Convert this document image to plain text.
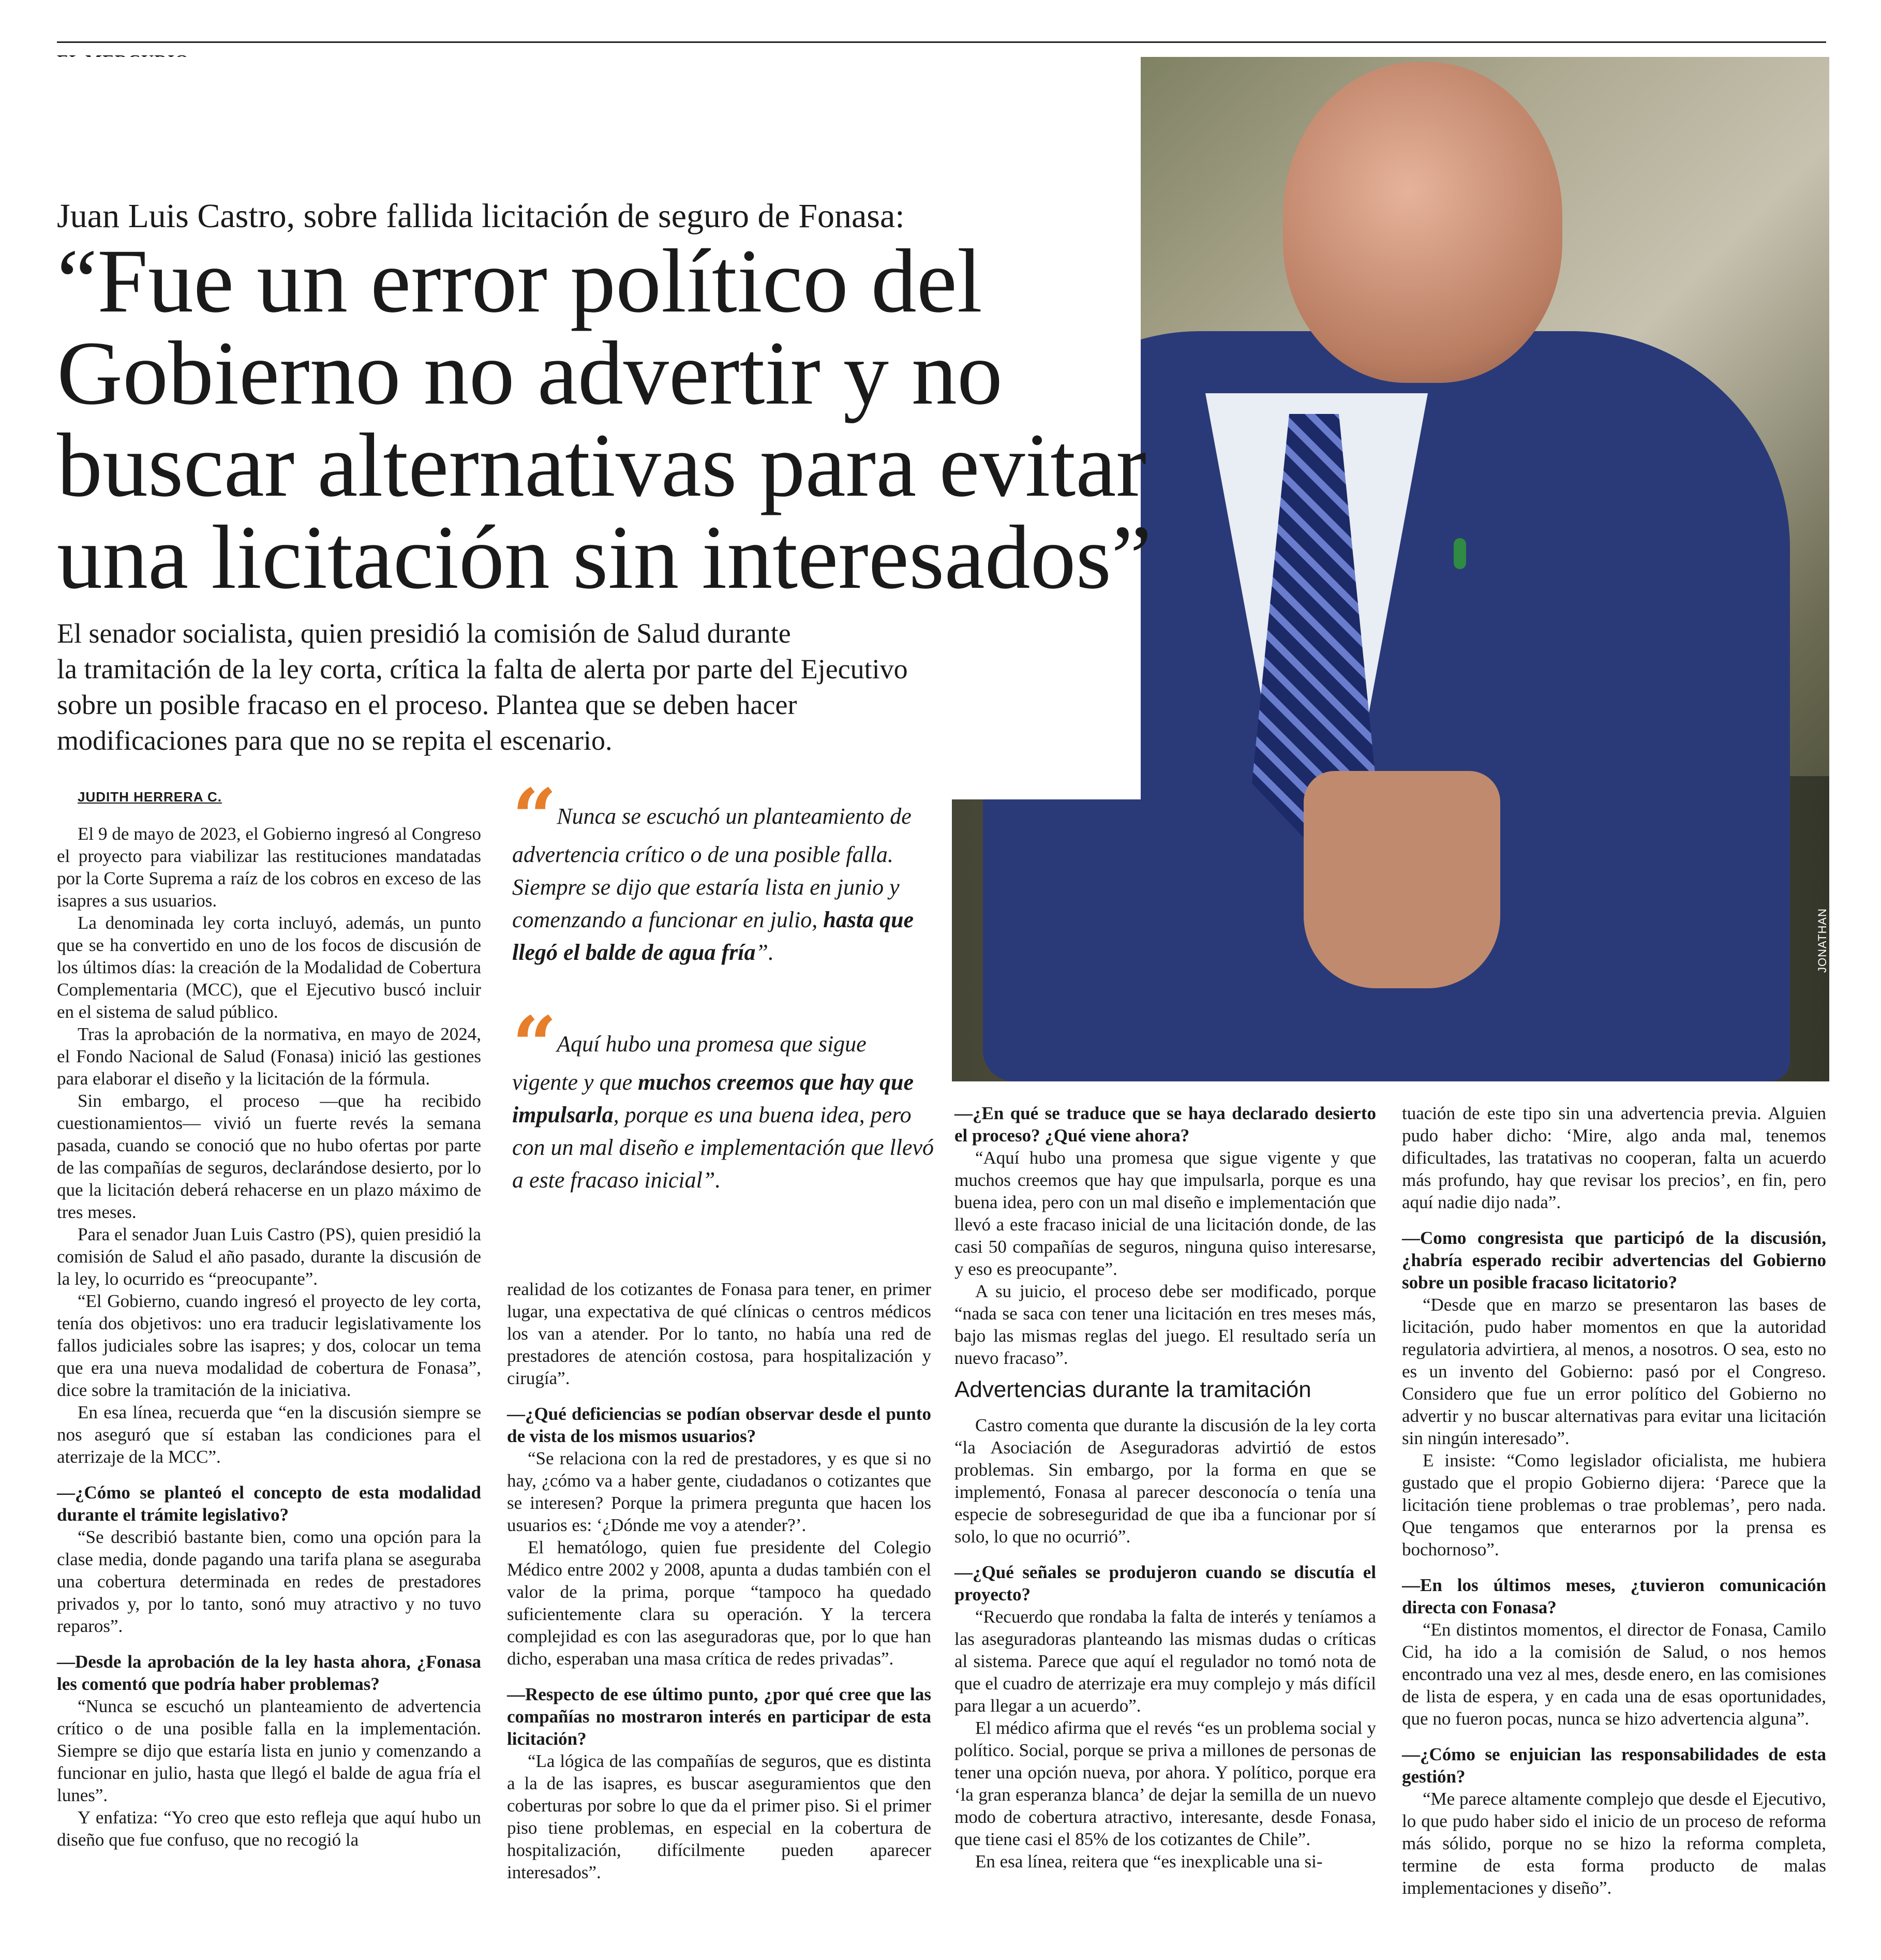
JONATHAN OYARZÚN
Juan Luis Castro, sobre fallida licitación de seguro de Fonasa:
“Fue un error político del
Gobierno no advertir y no
buscar alternativas para evitar
una licitación sin interesados”
El senador socialista, quien presidió la comisión de Salud durante
la tramitación de la ley corta, crítica la falta de alerta por parte del Ejecutivo
sobre un posible fracaso en el proceso. Plantea que se deben hacer
modificaciones para que no se repita el escenario.
JUDITH HERRERA C.	“ Nunca se escuchó un planteamiento de advertencia crítico o de una posible falla. Siempre se dijo que estaría lista en junio y comenzando a funcionar en julio, hasta que llegó el balde de agua fría”.
“ Aquí hubo una promesa que sigue vigente y que muchos creemos que hay que impulsarla, porque es una buena idea, pero con un mal diseño e implementación que llevó a este fracaso inicial”.

El 9 de mayo de 2023, el Gobierno ingresó al Congreso el proyecto para viabilizar las restituciones mandatadas por la Corte Suprema a raíz de los cobros en exceso de las isapres a sus usuarios.

La denominada ley corta incluyó, además, un punto que se ha convertido en uno de los focos de discusión de los últimos días: la creación de la Modalidad de Cobertura Complementaria (MCC), que el Ejecutivo buscó incluir en el sistema de salud público.

Tras la aprobación de la normativa, en mayo de 2024, el Fondo Nacional de Salud (Fonasa) inició las gestiones para elaborar el diseño y la licitación de la fórmula.

Sin embargo, el proceso —que ha recibido cuestionamientos— vivió un fuerte revés la semana pasada, cuando se conoció que no hubo ofertas por parte de las compañías de seguros, declarándose desierto, por lo que la licitación deberá rehacerse en un plazo máximo de tres meses.

Para el senador Juan Luis Castro (PS), quien presidió la comisión de Salud el año pasado, durante la discusión de la ley, lo ocurrido es “preocupante”.

“El Gobierno, cuando ingresó el proyecto de ley corta, tenía dos objetivos: uno era traducir legislativamente los fallos judiciales sobre las isapres; y dos, colocar un tema que era una nueva modalidad de cobertura de Fonasa”, dice sobre la tramitación de la iniciativa.

En esa línea, recuerda que “en la discusión siempre se nos aseguró que sí estaban las condiciones para el aterrizaje de la MCC”.

—¿Cómo se planteó el concepto de esta modalidad durante el trámite legislativo?

“Se describió bastante bien, como una opción para la clase media, donde pagando una tarifa plana se aseguraba una cobertura determinada en redes de prestadores privados y, por lo tanto, sonó muy atractivo y no tuvo reparos”.

—Desde la aprobación de la ley hasta ahora, ¿Fonasa les comentó que podría haber problemas?

“Nunca se escuchó un planteamiento de advertencia crítico o de una posible falla en la implementación. Siempre se dijo que estaría lista en junio y comenzando a funcionar en julio, hasta que llegó el balde de agua fría el lunes”.

Y enfatiza: “Yo creo que esto refleja que aquí hubo un diseño que fue confuso, que no recogió la

realidad de los cotizantes de Fonasa para tener, en primer lugar, una expectativa de qué clínicas o centros médicos los van a atender. Por lo tanto, no había una red de prestadores de atención costosa, para hospitalización y cirugía”.

—¿Qué deficiencias se podían observar desde el punto de vista de los mismos usuarios?

“Se relaciona con la red de prestadores, y es que si no hay, ¿cómo va a haber gente, ciudadanos o cotizantes que se interesen? Porque la primera pregunta que hacen los usuarios es: ‘¿Dónde me voy a atender?’.

El hematólogo, quien fue presidente del Colegio Médico entre 2002 y 2008, apunta a dudas también con el valor de la prima, porque “tampoco ha quedado suficientemente clara su operación. Y la tercera complejidad es con las aseguradoras que, por lo que han dicho, esperaban una masa crítica de redes privadas”.

—Respecto de ese último punto, ¿por qué cree que las compañías no mostraron interés en participar de esta licitación?

“La lógica de las compañías de seguros, que es distinta a la de las isapres, es buscar aseguramientos que den coberturas por sobre lo que da el primer piso. Si el primer piso tiene problemas, en especial en la cobertura de hospitalización, difícilmente pueden aparecer interesados”.

—¿En qué se traduce que se haya declarado desierto el proceso? ¿Qué viene ahora?

“Aquí hubo una promesa que sigue vigente y que muchos creemos que hay que impulsarla, porque es una buena idea, pero con un mal diseño e implementación que llevó a este fracaso inicial de una licitación donde, de las casi 50 compañías de seguros, ninguna quiso interesarse, y eso es preocupante”.

A su juicio, el proceso debe ser modificado, porque “nada se saca con tener una licitación en tres meses más, bajo las mismas reglas del juego. El resultado sería un nuevo fracaso”.

Advertencias durante la tramitación

Castro comenta que durante la discusión de la ley corta “la Asociación de Aseguradoras advirtió de estos problemas. Sin embargo, por la forma en que se implementó, Fonasa al parecer desconocía o tenía una especie de sobreseguridad de que iba a funcionar por sí solo, lo que no ocurrió”.

—¿Qué señales se produjeron cuando se discutía el proyecto?

“Recuerdo que rondaba la falta de interés y teníamos a las aseguradoras planteando las mismas dudas o críticas al sistema. Parece que aquí el regulador no tomó nota de que el cuadro de aterrizaje era muy complejo y más difícil para llegar a un acuerdo”.

El médico afirma que el revés “es un problema social y político. Social, porque se priva a millones de personas de tener una opción nueva, por ahora. Y político, porque era ‘la gran esperanza blanca’ de dejar la semilla de un nuevo modo de cobertura atractivo, interesante, desde Fonasa, que tiene casi el 85% de los cotizantes de Chile”.

En esa línea, reitera que “es inexplicable una si-

tuación de este tipo sin una advertencia previa. Alguien pudo haber dicho: ‘Mire, algo anda mal, tenemos dificultades, las tratativas no cooperan, falta un acuerdo más profundo, hay que revisar los precios’, en fin, pero aquí nadie dijo nada”.

—Como congresista que participó de la discusión, ¿habría esperado recibir advertencias del Gobierno sobre un posible fracaso licitatorio?

“Desde que en marzo se presentaron las bases de licitación, pudo haber momentos en que la autoridad regulatoria advirtiera, al menos, a nosotros. O sea, esto no es un invento del Gobierno: pasó por el Congreso. Considero que fue un error político del Gobierno no advertir y no buscar alternativas para evitar una licitación sin ningún interesado”.

E insiste: “Como legislador oficialista, me hubiera gustado que el propio Gobierno dijera: ‘Parece que la licitación tiene problemas o trae problemas’, pero nada. Que tengamos que enterarnos por la prensa es bochornoso”.

—En los últimos meses, ¿tuvieron comunicación directa con Fonasa?

“En distintos momentos, el director de Fonasa, Camilo Cid, ha ido a la comisión de Salud, o nos hemos encontrado una vez al mes, desde enero, en las comisiones de lista de espera, y en cada una de esas oportunidades, que no fueron pocas, nunca se hizo advertencia alguna”.

—¿Cómo se enjuician las responsabilidades de esta gestión?

“Me parece altamente complejo que desde el Ejecutivo, lo que pudo haber sido el inicio de un proceso de reforma más sólido, porque no se hizo la reforma completa, termine de esta forma producto de malas implementaciones y diseño”.
